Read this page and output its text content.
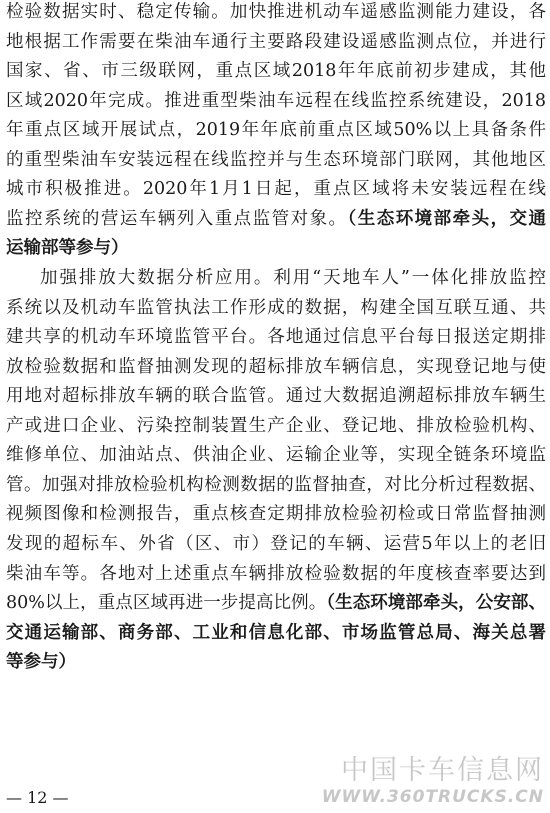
检验数据实时、稳定传输。加快推进机动车遥感监测能力建设，各
地根据工作需要在柴油车通行主要路段建设遥感监测点位，并进行
国家、省、市三级联网，重点区域2018年年底前初步建成，其他
区域2020年完成。推进重型柴油车远程在线监控系统建设，2018
年重点区域开展试点，2019年年底前重点区域50%以上具备条件
的重型柴油车安装远程在线监控并与生态环境部门联网，其他地区
城市积极推进。2020年1月1日起，重点区域将未安装远程在线
监控系统的营运车辆列入重点监管对象。（生态环境部牵头，交通
运输部等参与）
加强排放大数据分析应用。利用“天地车人”一体化排放监控
系统以及机动车监管执法工作形成的数据，构建全国互联互通、共
建共享的机动车环境监管平台。各地通过信息平台每日报送定期排
放检验数据和监督抽测发现的超标排放车辆信息，实现登记地与使
用地对超标排放车辆的联合监管。通过大数据追溯超标排放车辆生
产或进口企业、污染控制装置生产企业、登记地、排放检验机构、
维修单位、加油站点、供油企业、运输企业等，实现全链条环境监
管。加强对排放检验机构检测数据的监督抽查，对比分析过程数据、
视频图像和检测报告，重点核查定期排放检验初检或日常监督抽测
发现的超标车、外省（区、市）登记的车辆、运营5年以上的老旧
柴油车等。各地对上述重点车辆排放检验数据的年度核查率要达到
80%以上，重点区域再进一步提高比例。（生态环境部牵头，公安部、
交通运输部、商务部、工业和信息化部、市场监管总局、海关总署
等参与）
— 12 —
中国卡车信息网
WWW.360TRUCKS.CN
